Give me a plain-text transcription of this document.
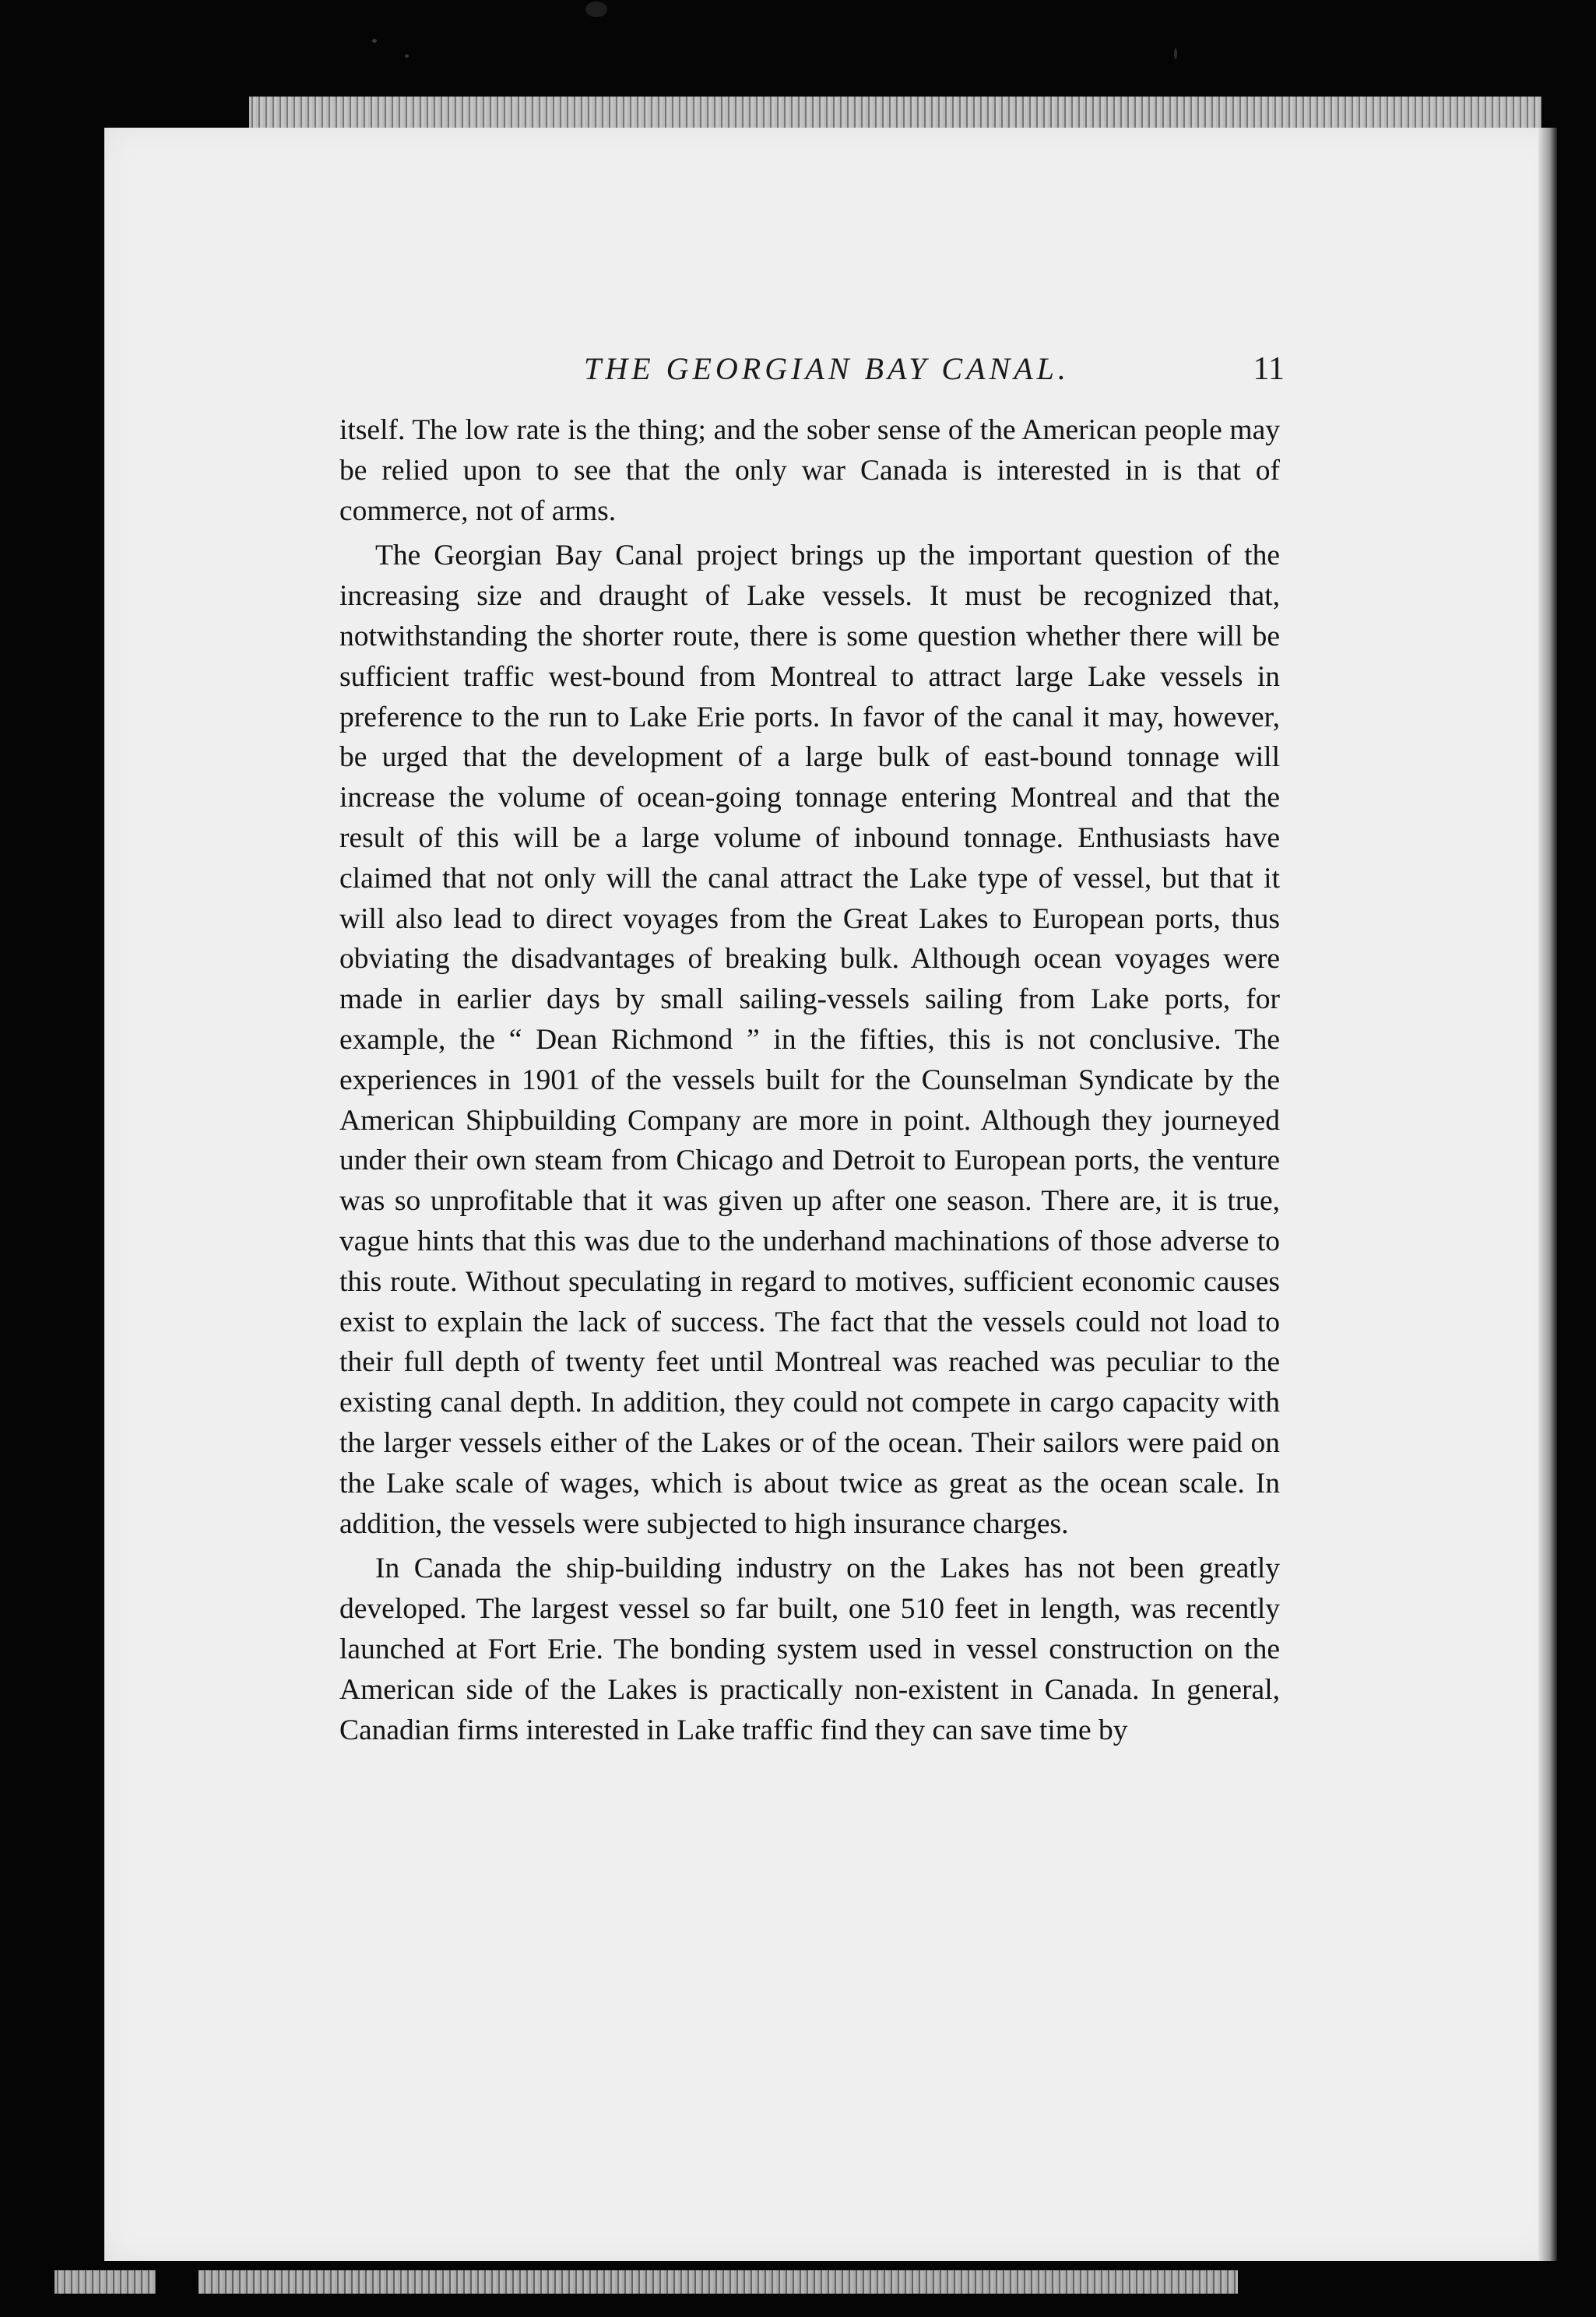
THE GEORGIAN BAY CANAL.	11

itself. The low rate is the thing; and the sober sense of the American people may be relied upon to see that the only war Canada is interested in is that of commerce, not of arms.

The Georgian Bay Canal project brings up the important question of the increasing size and draught of Lake vessels. It must be recognized that, notwithstanding the shorter route, there is some question whether there will be sufficient traffic west-bound from Montreal to attract large Lake vessels in preference to the run to Lake Erie ports. In favor of the canal it may, however, be urged that the development of a large bulk of east-bound tonnage will increase the volume of ocean-going tonnage entering Montreal and that the result of this will be a large volume of inbound tonnage. Enthusiasts have claimed that not only will the canal attract the Lake type of vessel, but that it will also lead to direct voyages from the Great Lakes to European ports, thus obviating the disadvantages of breaking bulk. Although ocean voyages were made in earlier days by small sailing-vessels sailing from Lake ports, for example, the “ Dean Richmond ” in the fifties, this is not conclusive. The experiences in 1901 of the vessels built for the Counselman Syndicate by the American Shipbuilding Company are more in point. Although they journeyed under their own steam from Chicago and Detroit to European ports, the venture was so unprofitable that it was given up after one season. There are, it is true, vague hints that this was due to the underhand machinations of those adverse to this route. Without speculating in regard to motives, sufficient economic causes exist to explain the lack of success. The fact that the vessels could not load to their full depth of twenty feet until Montreal was reached was peculiar to the existing canal depth. In addition, they could not compete in cargo capacity with the larger vessels either of the Lakes or of the ocean. Their sailors were paid on the Lake scale of wages, which is about twice as great as the ocean scale. In addition, the vessels were subjected to high insurance charges.

In Canada the ship-building industry on the Lakes has not been greatly developed. The largest vessel so far built, one 510 feet in length, was recently launched at Fort Erie. The bonding system used in vessel construction on the American side of the Lakes is practically non-existent in Canada. In general, Canadian firms interested in Lake traffic find they can save time by
